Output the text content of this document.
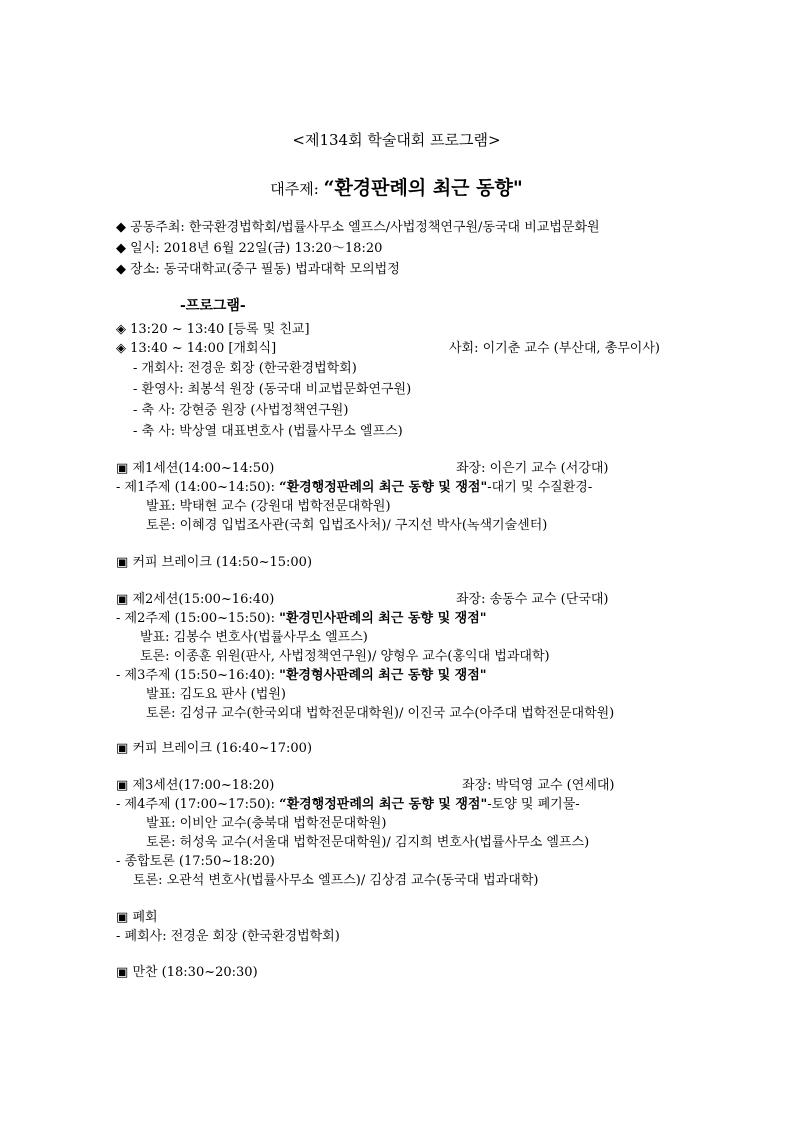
<제134회 학술대회 프로그램>
대주제: “환경판례의 최근 동향"
◆ 공동주최: 한국환경법학회/법률사무소 엘프스/사법정책연구원/동국대 비교법문화원
◆ 일시: 2018년 6월 22일(금) 13:20～18:20
◆ 장소: 동국대학교(중구 필동) 법과대학 모의법정
-프로그램-
◈ 13:20 ~ 13:40 [등록 및 친교]
◈ 13:40 ~ 14:00 [개회식]	사회: 이기춘 교수 (부산대, 총무이사)
- 개회사: 전경운 회장 (한국환경법학회)
- 환영사: 최봉석 원장 (동국대 비교법문화연구원)
- 축 사: 강현중 원장 (사법정책연구원)
- 축 사: 박상열 대표변호사 (법률사무소 엘프스)
▣ 제1세션(14:00~14:50)	좌장: 이은기 교수 (서강대)
- 제1주제 (14:00~14:50): “환경행정판례의 최근 동향 및 쟁점"-대기 및 수질환경-
발표: 박태현 교수 (강원대 법학전문대학원)
토론: 이혜경 입법조사관(국회 입법조사처)/ 구지선 박사(녹색기술센터)
▣ 커피 브레이크 (14:50~15:00)
▣ 제2세션(15:00~16:40)	좌장: 송동수 교수 (단국대)
- 제2주제 (15:00~15:50): "환경민사판례의 최근 동향 및 쟁점"
발표: 김봉수 변호사(법률사무소 엘프스)
토론: 이종훈 위원(판사, 사법정책연구원)/ 양형우 교수(홍익대 법과대학)
- 제3주제 (15:50~16:40): "환경형사판례의 최근 동향 및 쟁점"
발표: 김도요 판사 (법원)
토론: 김성규 교수(한국외대 법학전문대학원)/ 이진국 교수(아주대 법학전문대학원)
▣ 커피 브레이크 (16:40~17:00)
▣ 제3세션(17:00~18:20)	좌장: 박덕영 교수 (연세대)
- 제4주제 (17:00~17:50): “환경행정판례의 최근 동향 및 쟁점"-토양 및 폐기물-
발표: 이비안 교수(충북대 법학전문대학원)
토론: 허성욱 교수(서울대 법학전문대학원)/ 김지희 변호사(법률사무소 엘프스)
- 종합토론 (17:50~18:20)
토론: 오관석 변호사(법률사무소 엘프스)/ 김상겸 교수(동국대 법과대학)
▣ 폐회
- 폐회사: 전경운 회장 (한국환경법학회)
▣ 만찬 (18:30~20:30)
